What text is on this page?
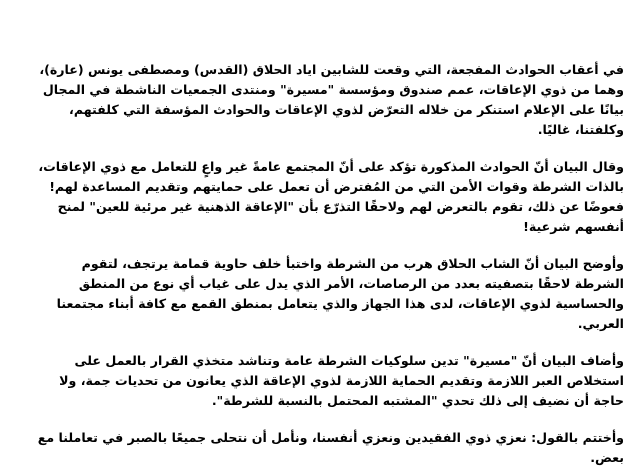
في أعقاب الحوادث المفجعة، التي وقعت للشابين اياد الحلاق (القدس) ومصطفى يونس (عارة)، وهما من ذوي الإعاقات، عمم صندوق ومؤسسة "مسيرة" ومنتدى الجمعيات الناشطة في المجال بيانًا على الإعلام استنكر من خلاله التعرّض لذوي الإعاقات والحوادث المؤسفة التي كلفتهم، وكلفتنا، غاليًا.

وقال البيان أنّ الحوادث المذكورة تؤكد على أنّ المجتمع عامةً غير واعٍ للتعامل مع ذوي الإعاقات، بالذات الشرطة وقوات الأمن التي من المُفترض أن تعمل على حمايتهم وتقديم المساعدة لهم! فعوضًا عن ذلك، تقوم بالتعرض لهم ولاحقًا التذرّع بأن "الإعاقة الذهنية غير مرئية للعين" لمنح أنفسهم شرعية!

وأوضح البيان أنّ الشاب الحلاق هرب من الشرطة واختبأ خلف حاوية قمامة يرتجف، لتقوم الشرطة لاحقًا بتصفيته بعدد من الرصاصات، الأمر الذي يدل على غياب أي نوع من المنطق والحساسية لذوي الإعاقات، لدى هذا الجهاز والذي يتعامل بمنطق القمع مع كافة أبناء مجتمعنا العربي.

وأضاف البيان أنّ "مسيرة" تدين سلوكيات الشرطة عامة وتناشد متخذي القرار بالعمل على استخلاص العبر اللازمة وتقديم الحماية اللازمة لذوي الإعاقة الذي يعانون من تحديات جمة، ولا حاجة أن نضيف إلى ذلك تحدي "المشتبه المحتمل بالنسبة للشرطة".

وأختتم بالقول: نعزي ذوي الفقيدين ونعزي أنفسنا، ونأمل أن نتحلى جميعًا بالصبر في تعاملنا مع بعض.
